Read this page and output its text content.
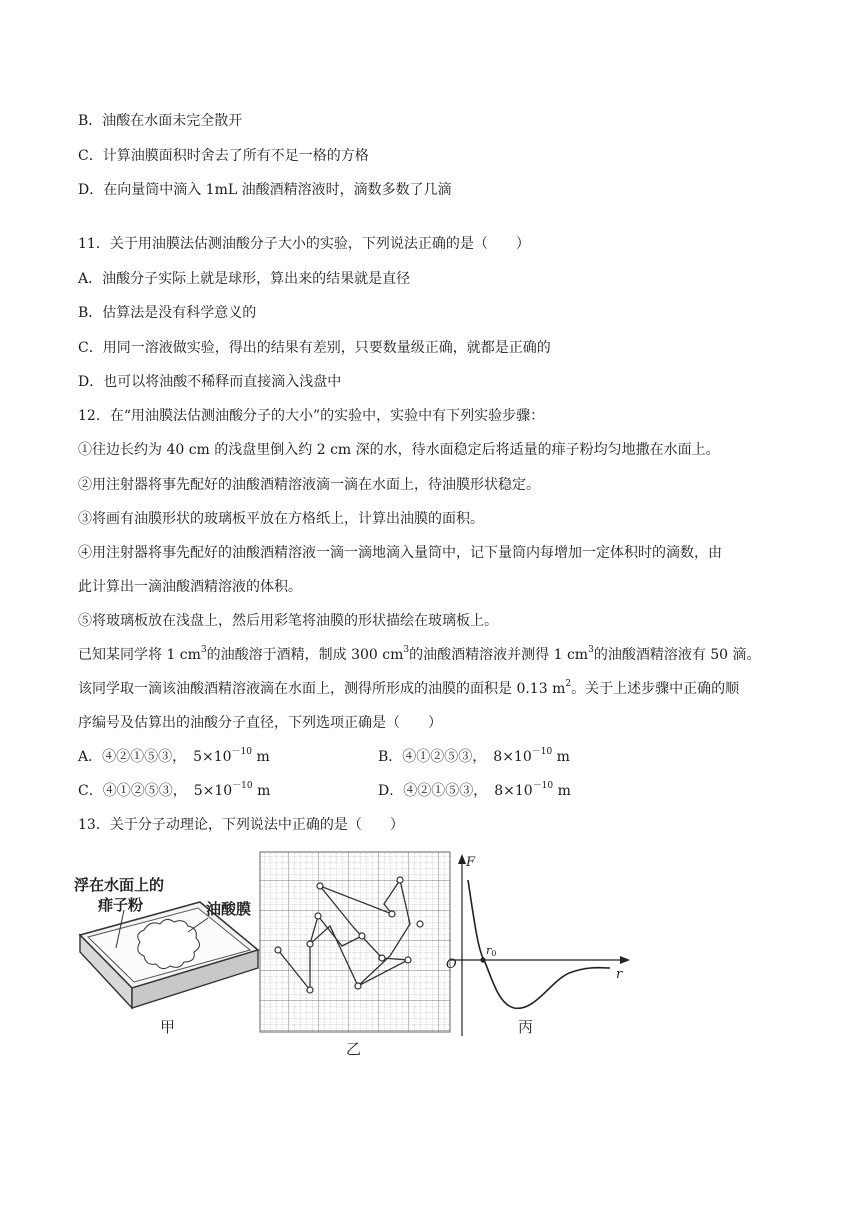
B．油酸在水面未完全散开
C．计算油膜面积时舍去了所有不足一格的方格
D．在向量筒中滴入 1mL 油酸酒精溶液时，滴数多数了几滴
11．关于用油膜法估测油酸分子大小的实验，下列说法正确的是（　　）
A．油酸分子实际上就是球形，算出来的结果就是直径
B．估算法是没有科学意义的
C．用同一溶液做实验，得出的结果有差别，只要数量级正确，就都是正确的
D．也可以将油酸不稀释而直接滴入浅盘中
12．在“用油膜法估测油酸分子的大小”的实验中，实验中有下列实验步骤：
①往边长约为 40 cm 的浅盘里倒入约 2 cm 深的水，待水面稳定后将适量的痱子粉均匀地撒在水面上。
②用注射器将事先配好的油酸酒精溶液滴一滴在水面上，待油膜形状稳定。
③将画有油膜形状的玻璃板平放在方格纸上，计算出油膜的面积。
④用注射器将事先配好的油酸酒精溶液一滴一滴地滴入量筒中，记下量筒内每增加一定体积时的滴数，由
此计算出一滴油酸酒精溶液的体积。
⑤将玻璃板放在浅盘上，然后用彩笔将油膜的形状描绘在玻璃板上。
已知某同学将 1 $cm^3$的油酸溶于酒精，制成 300 $cm^3$的油酸酒精溶液并测得 1 $cm^3$的油酸酒精溶液有 50 滴。
该同学取一滴该油酸酒精溶液滴在水面上，测得所形成的油膜的面积是 0.13 $m^2$。关于上述步骤中正确的顺
序编号及估算出的油酸分子直径，下列选项正确是（　　）
A．④②①⑤③，　$5\times 10^{-10}$ m	B．④①②⑤③，　$8\times 10^{-10}$ m
C．④①②⑤③，　$5\times 10^{-10}$ m	D．④②①⑤③，　$8\times 10^{-10}$ m
13．关于分子动理论，下列说法中正确的是（　　）
浮在水面上的
痱子粉	油酸膜
甲
乙
F
r
O
r0
丙
